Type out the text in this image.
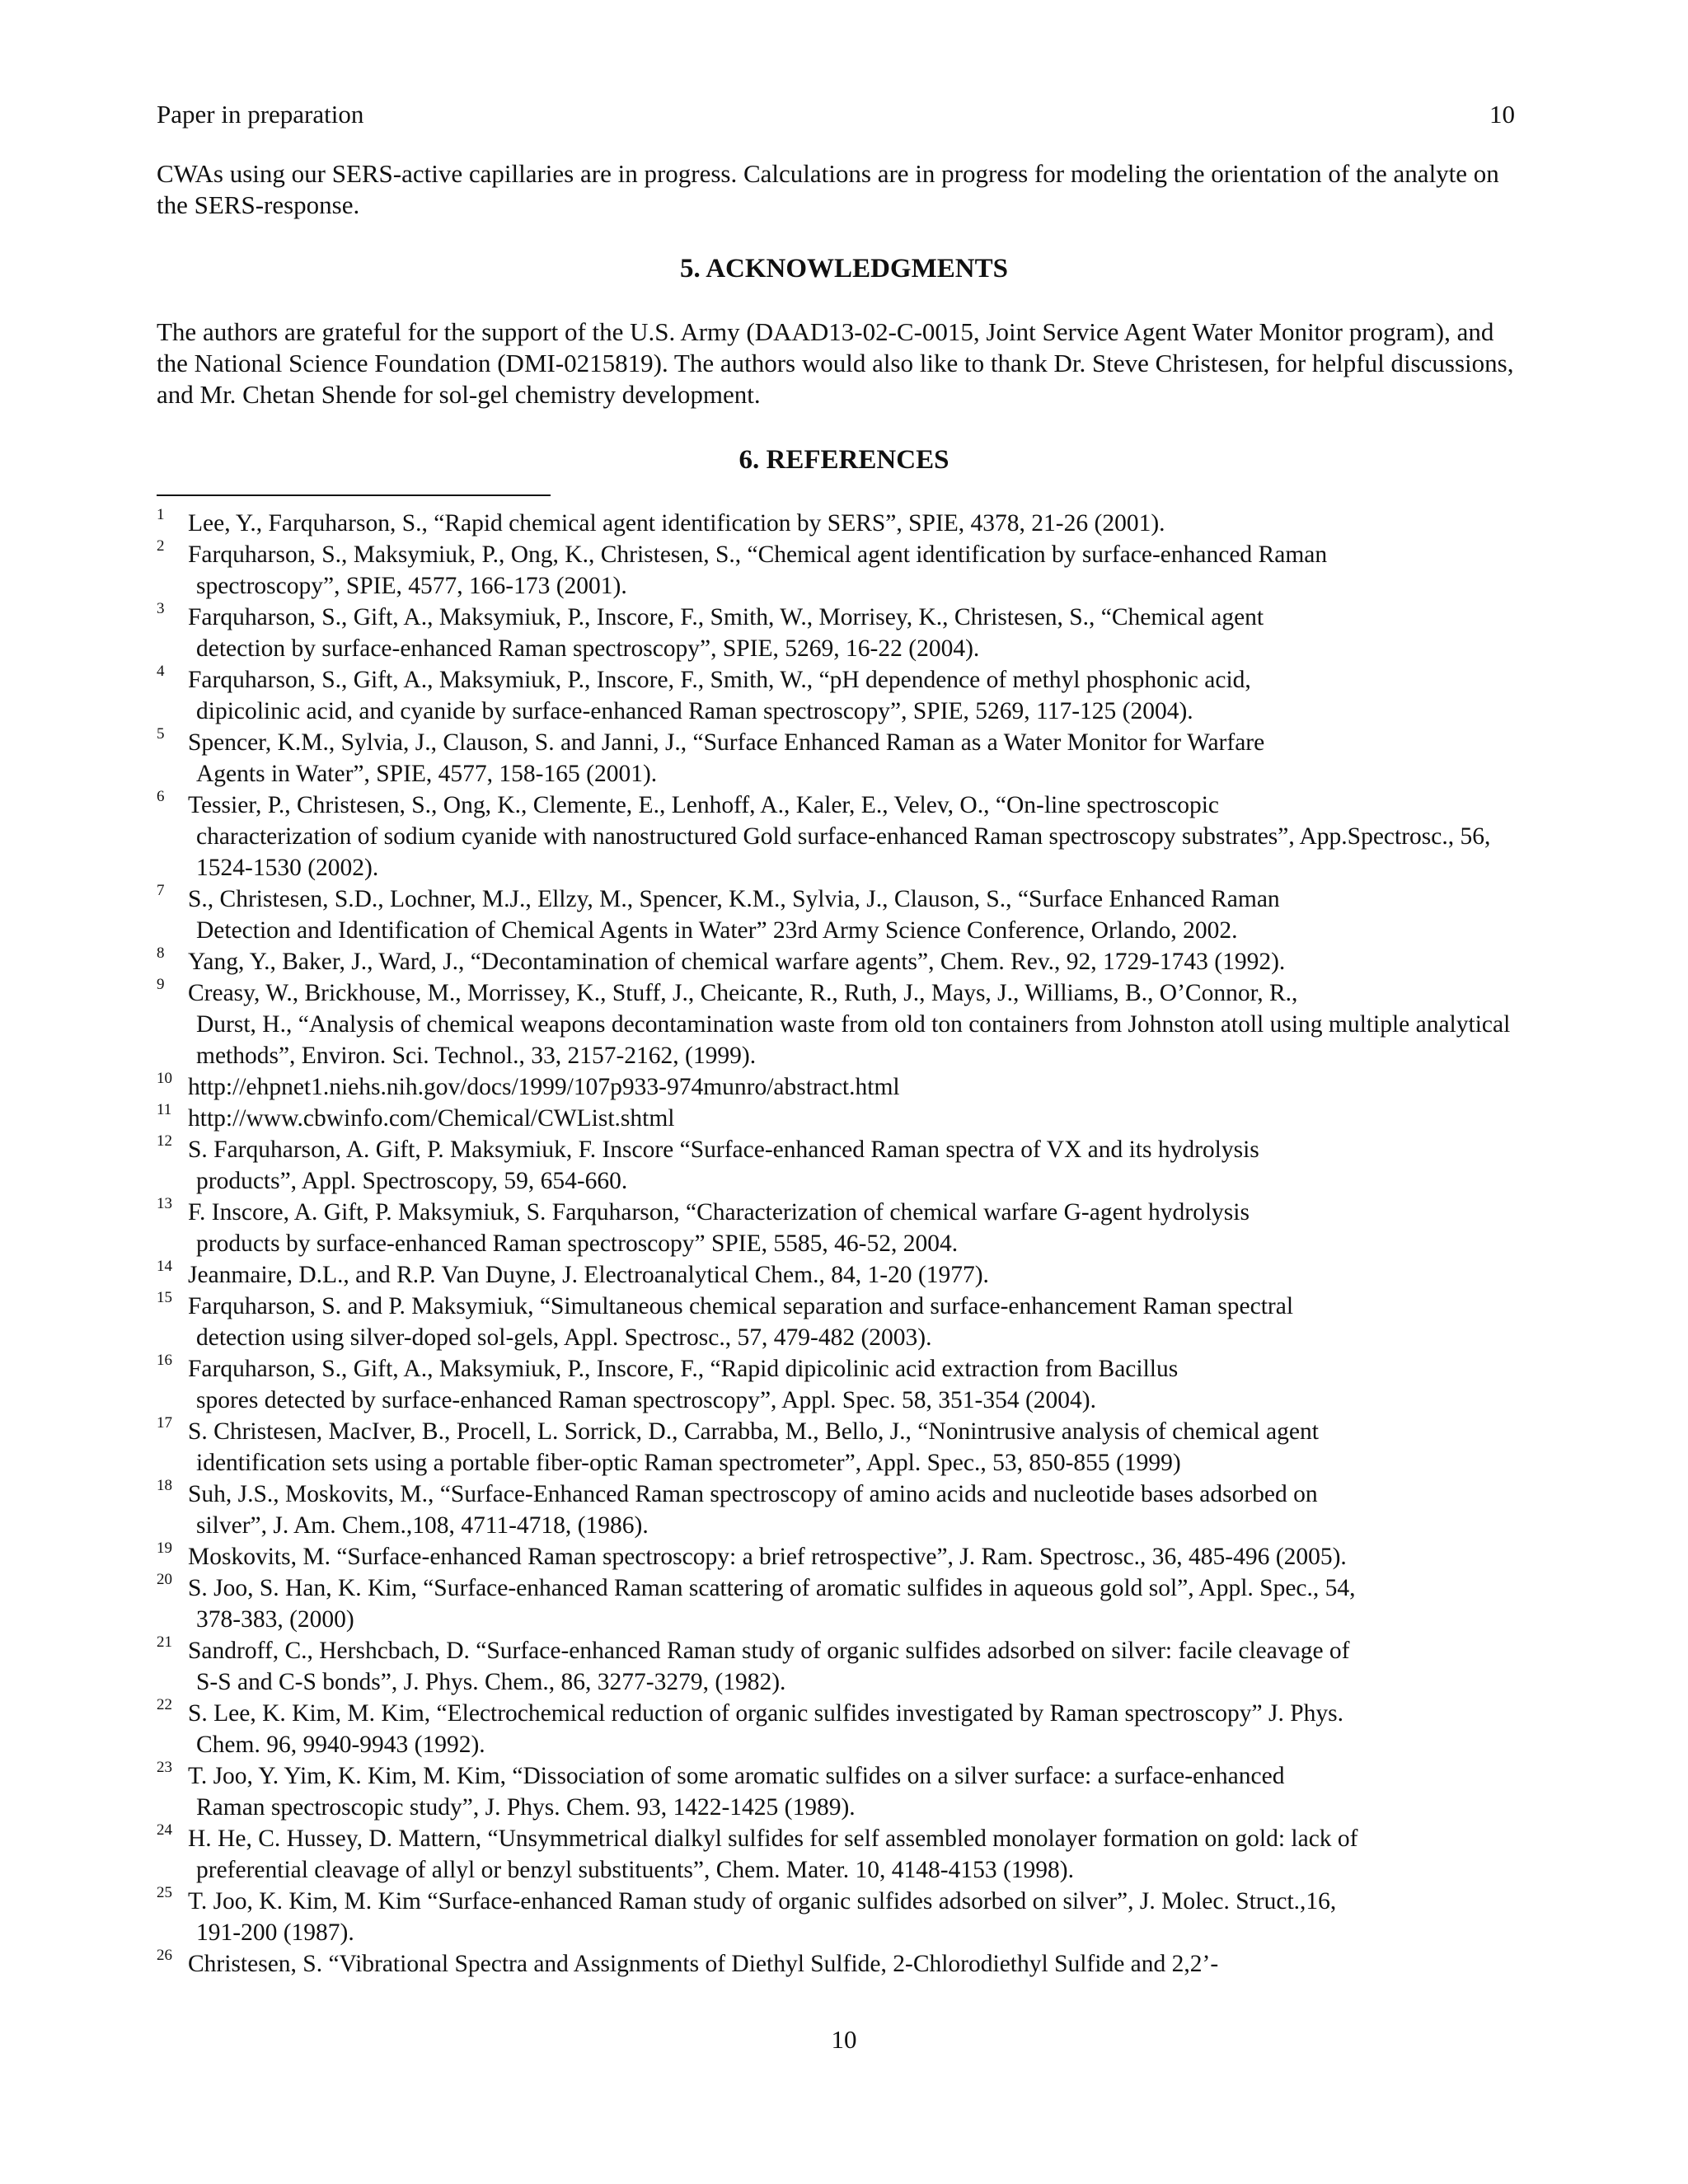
Paper in preparation	10
CWAs using our SERS-active capillaries are in progress. Calculations are in progress for modeling the orientation of the analyte on the SERS-response.
5. ACKNOWLEDGMENTS
The authors are grateful for the support of the U.S. Army (DAAD13-02-C-0015, Joint Service Agent Water Monitor program), and the National Science Foundation (DMI-0215819). The authors would also like to thank Dr. Steve Christesen, for helpful discussions, and Mr. Chetan Shende for sol-gel chemistry development.
6. REFERENCES
1 Lee, Y., Farquharson, S., “Rapid chemical agent identification by SERS”, SPIE, 4378, 21-26 (2001).
2 Farquharson, S., Maksymiuk, P., Ong, K., Christesen, S., “Chemical agent identification by surface-enhanced Raman
spectroscopy”, SPIE, 4577, 166-173 (2001).
3 Farquharson, S., Gift, A., Maksymiuk, P., Inscore, F., Smith, W., Morrisey, K., Christesen, S., “Chemical agent
detection by surface-enhanced Raman spectroscopy”, SPIE, 5269, 16-22 (2004).
4 Farquharson, S., Gift, A., Maksymiuk, P., Inscore, F., Smith, W., “pH dependence of methyl phosphonic acid,
dipicolinic acid, and cyanide by surface-enhanced Raman spectroscopy”, SPIE, 5269, 117-125 (2004).
5 Spencer, K.M., Sylvia, J., Clauson, S. and Janni, J., “Surface Enhanced Raman as a Water Monitor for Warfare
Agents in Water”, SPIE, 4577, 158-165 (2001).
6 Tessier, P., Christesen, S., Ong, K., Clemente, E., Lenhoff, A., Kaler, E., Velev, O., “On-line spectroscopic
characterization of sodium cyanide with nanostructured Gold surface-enhanced Raman spectroscopy substrates”, App.Spectrosc., 56, 1524-1530 (2002).
7 S., Christesen, S.D., Lochner, M.J., Ellzy, M., Spencer, K.M., Sylvia, J., Clauson, S., “Surface Enhanced Raman
Detection and Identification of Chemical Agents in Water” 23rd Army Science Conference, Orlando, 2002.
8 Yang, Y., Baker, J., Ward, J., “Decontamination of chemical warfare agents”, Chem. Rev., 92, 1729-1743 (1992).
9 Creasy, W., Brickhouse, M., Morrissey, K., Stuff, J., Cheicante, R., Ruth, J., Mays, J., Williams, B., O’Connor, R.,
Durst, H., “Analysis of chemical weapons decontamination waste from old ton containers from Johnston atoll using multiple analytical methods”, Environ. Sci. Technol., 33, 2157-2162, (1999).
10 http://ehpnet1.niehs.nih.gov/docs/1999/107p933-974munro/abstract.html
11 http://www.cbwinfo.com/Chemical/CWList.shtml
12 S. Farquharson, A. Gift, P. Maksymiuk, F. Inscore “Surface-enhanced Raman spectra of VX and its hydrolysis
products”, Appl. Spectroscopy, 59, 654-660.
13 F. Inscore, A. Gift, P. Maksymiuk, S. Farquharson, “Characterization of chemical warfare G-agent hydrolysis
products by surface-enhanced Raman spectroscopy” SPIE, 5585, 46-52, 2004.
14 Jeanmaire, D.L., and R.P. Van Duyne, J. Electroanalytical Chem., 84, 1-20 (1977).
15 Farquharson, S. and P. Maksymiuk, “Simultaneous chemical separation and surface-enhancement Raman spectral
detection using silver-doped sol-gels, Appl. Spectrosc., 57, 479-482 (2003).
16 Farquharson, S., Gift, A., Maksymiuk, P., Inscore, F., “Rapid dipicolinic acid extraction from Bacillus
spores detected by surface-enhanced Raman spectroscopy”, Appl. Spec. 58, 351-354 (2004).
17 S. Christesen, MacIver, B., Procell, L. Sorrick, D., Carrabba, M., Bello, J., “Nonintrusive analysis of chemical agent
identification sets using a portable fiber-optic Raman spectrometer”, Appl. Spec., 53, 850-855 (1999)
18 Suh, J.S., Moskovits, M., “Surface-Enhanced Raman spectroscopy of amino acids and nucleotide bases adsorbed on
silver”, J. Am. Chem.,108, 4711-4718, (1986).
19 Moskovits, M. “Surface-enhanced Raman spectroscopy: a brief retrospective”, J. Ram. Spectrosc., 36, 485-496 (2005).
20 S. Joo, S. Han, K. Kim, “Surface-enhanced Raman scattering of aromatic sulfides in aqueous gold sol”, Appl. Spec., 54,
378-383, (2000)
21 Sandroff, C., Hershcbach, D. “Surface-enhanced Raman study of organic sulfides adsorbed on silver: facile cleavage of
S-S and C-S bonds”, J. Phys. Chem., 86, 3277-3279, (1982).
22 S. Lee, K. Kim, M. Kim, “Electrochemical reduction of organic sulfides investigated by Raman spectroscopy” J. Phys.
Chem. 96, 9940-9943 (1992).
23 T. Joo, Y. Yim, K. Kim, M. Kim, “Dissociation of some aromatic sulfides on a silver surface: a surface-enhanced
Raman spectroscopic study”, J. Phys. Chem. 93, 1422-1425 (1989).
24 H. He, C. Hussey, D. Mattern, “Unsymmetrical dialkyl sulfides for self assembled monolayer formation on gold: lack of
preferential cleavage of allyl or benzyl substituents”, Chem. Mater. 10, 4148-4153 (1998).
25 T. Joo, K. Kim, M. Kim “Surface-enhanced Raman study of organic sulfides adsorbed on silver”, J. Molec. Struct.,16,
191-200 (1987).
26 Christesen, S. “Vibrational Spectra and Assignments of Diethyl Sulfide, 2-Chlorodiethyl Sulfide and 2,2’-
10
